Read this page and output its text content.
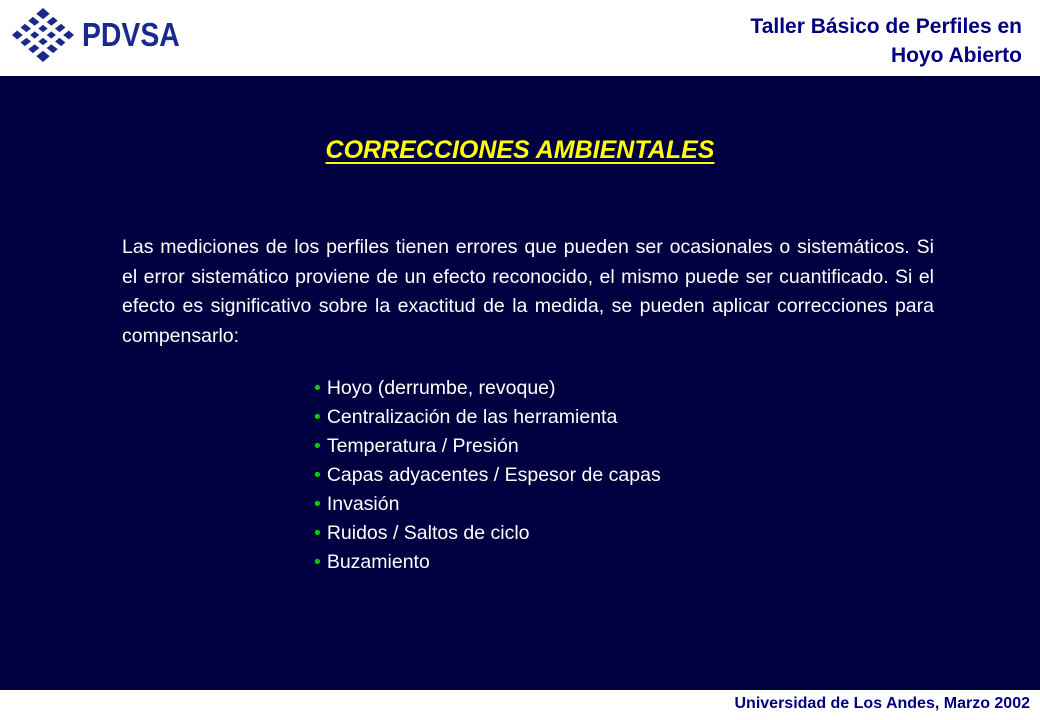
PDVSA	Taller Básico de Perfiles en
Hoyo Abierto
CORRECCIONES AMBIENTALES

Las mediciones de los perfiles tienen errores que pueden ser ocasionales o sistemáticos. Si el error sistemático proviene de un efecto reconocido, el mismo puede ser cuantificado. Si el efecto es significativo sobre la exactitud de la medida, se pueden aplicar correcciones para compensarlo:

• Hoyo (derrumbe, revoque)
• Centralización de las herramienta
• Temperatura / Presión
• Capas adyacentes / Espesor de capas
• Invasión
• Ruidos / Saltos de ciclo
• Buzamiento
Universidad de Los Andes, Marzo 2002
